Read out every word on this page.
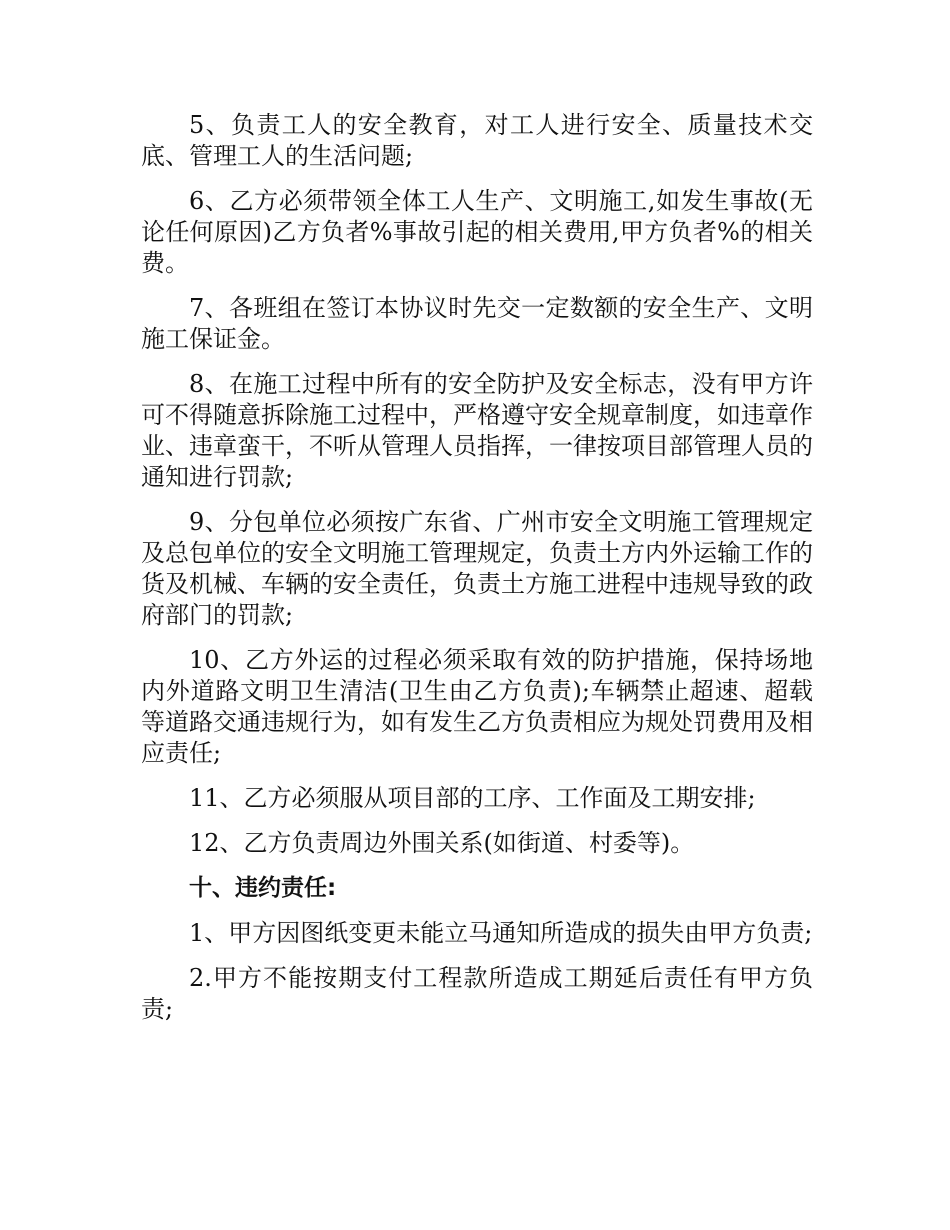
5、负责工人的安全教育，对工人进行安全、质量技术交底、管理工人的生活问题;

6、乙方必须带领全体工人生产、文明施工,如发生事故(无论任何原因)乙方负者%事故引起的相关费用,甲方负者%的相关费。

7、各班组在签订本协议时先交一定数额的安全生产、文明施工保证金。

8、在施工过程中所有的安全防护及安全标志，没有甲方许可不得随意拆除施工过程中，严格遵守安全规章制度，如违章作业、违章蛮干，不听从管理人员指挥，一律按项目部管理人员的通知进行罚款;

9、分包单位必须按广东省、广州市安全文明施工管理规定及总包单位的安全文明施工管理规定，负责土方内外运输工作的货及机械、车辆的安全责任，负责土方施工进程中违规导致的政府部门的罚款;

10、乙方外运的过程必须采取有效的防护措施，保持场地内外道路文明卫生清洁(卫生由乙方负责);车辆禁止超速、超载等道路交通违规行为，如有发生乙方负责相应为规处罚费用及相应责任;

11、乙方必须服从项目部的工序、工作面及工期安排;

12、乙方负责周边外围关系(如街道、村委等)。

十、违约责任:

1、甲方因图纸变更未能立马通知所造成的损失由甲方负责;

2.甲方不能按期支付工程款所造成工期延后责任有甲方负责;
